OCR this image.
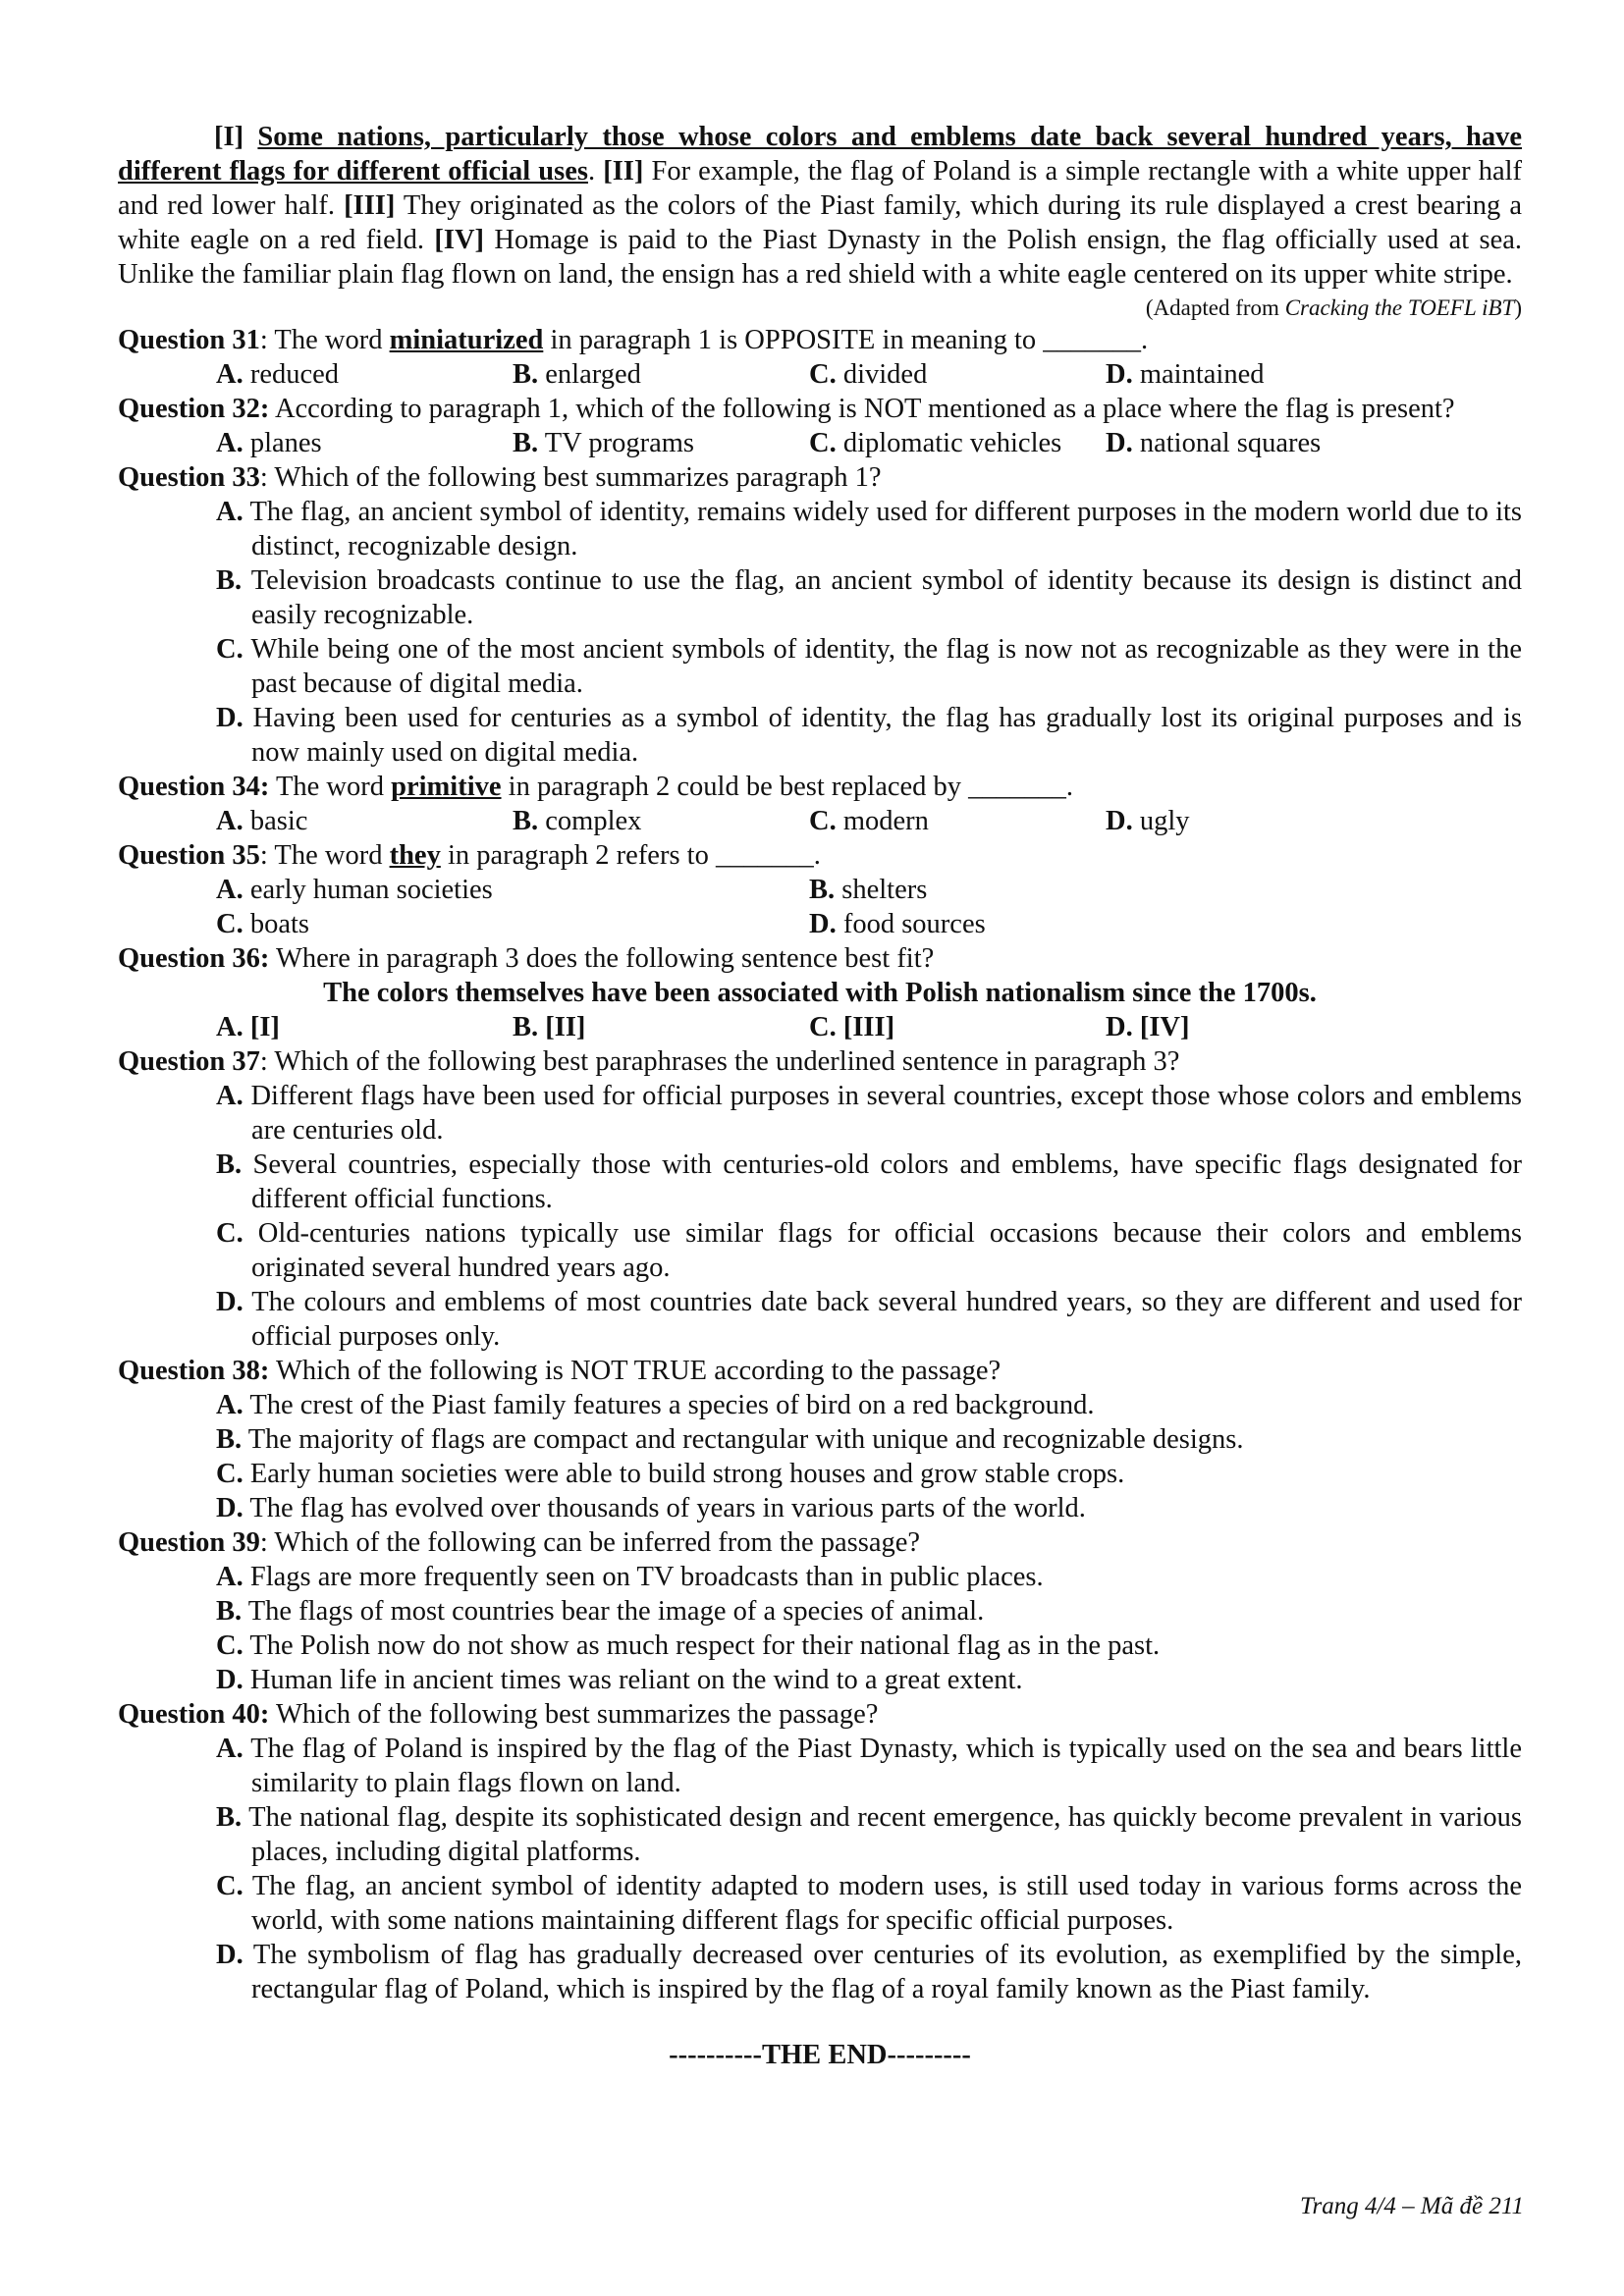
[I] Some nations, particularly those whose colors and emblems date back several hundred years, have different flags for different official uses. [II] For example, the flag of Poland is a simple rectangle with a white upper half and red lower half. [III] They originated as the colors of the Piast family, which during its rule displayed a crest bearing a white eagle on a red field. [IV] Homage is paid to the Piast Dynasty in the Polish ensign, the flag officially used at sea. Unlike the familiar plain flag flown on land, the ensign has a red shield with a white eagle centered on its upper white stripe.

(Adapted from Cracking the TOEFL iBT)

Question 31: The word miniaturized in paragraph 1 is OPPOSITE in meaning to _______.

A. reduced	B. enlarged	C. divided	D. maintained

Question 32: According to paragraph 1, which of the following is NOT mentioned as a place where the flag is present?

A. planes	B. TV programs	C. diplomatic vehicles	D. national squares

Question 33: Which of the following best summarizes paragraph 1?

A. The flag, an ancient symbol of identity, remains widely used for different purposes in the modern world due to its distinct, recognizable design.

B. Television broadcasts continue to use the flag, an ancient symbol of identity because its design is distinct and easily recognizable.

C. While being one of the most ancient symbols of identity, the flag is now not as recognizable as they were in the past because of digital media.

D. Having been used for centuries as a symbol of identity, the flag has gradually lost its original purposes and is now mainly used on digital media.

Question 34: The word primitive in paragraph 2 could be best replaced by _______.

A. basic	B. complex	C. modern	D. ugly

Question 35: The word they in paragraph 2 refers to _______.

A. early human societies	B. shelters
C. boats	D. food sources

Question 36: Where in paragraph 3 does the following sentence best fit?

The colors themselves have been associated with Polish nationalism since the 1700s.

A. [I]	B. [II]	C. [III]	D. [IV]

Question 37: Which of the following best paraphrases the underlined sentence in paragraph 3?

A. Different flags have been used for official purposes in several countries, except those whose colors and emblems are centuries old.

B. Several countries, especially those with centuries-old colors and emblems, have specific flags designated for different official functions.

C. Old-centuries nations typically use similar flags for official occasions because their colors and emblems originated several hundred years ago.

D. The colours and emblems of most countries date back several hundred years, so they are different and used for official purposes only.

Question 38: Which of the following is NOT TRUE according to the passage?

A. The crest of the Piast family features a species of bird on a red background.

B. The majority of flags are compact and rectangular with unique and recognizable designs.

C. Early human societies were able to build strong houses and grow stable crops.

D. The flag has evolved over thousands of years in various parts of the world.

Question 39: Which of the following can be inferred from the passage?

A. Flags are more frequently seen on TV broadcasts than in public places.

B. The flags of most countries bear the image of a species of animal.

C. The Polish now do not show as much respect for their national flag as in the past.

D. Human life in ancient times was reliant on the wind to a great extent.

Question 40: Which of the following best summarizes the passage?

A. The flag of Poland is inspired by the flag of the Piast Dynasty, which is typically used on the sea and bears little similarity to plain flags flown on land.

B. The national flag, despite its sophisticated design and recent emergence, has quickly become prevalent in various places, including digital platforms.

C. The flag, an ancient symbol of identity adapted to modern uses, is still used today in various forms across the world, with some nations maintaining different flags for specific official purposes.

D. The symbolism of flag has gradually decreased over centuries of its evolution, as exemplified by the simple, rectangular flag of Poland, which is inspired by the flag of a royal family known as the Piast family.

----------THE END---------
Trang 4/4 – Mã đề 211
